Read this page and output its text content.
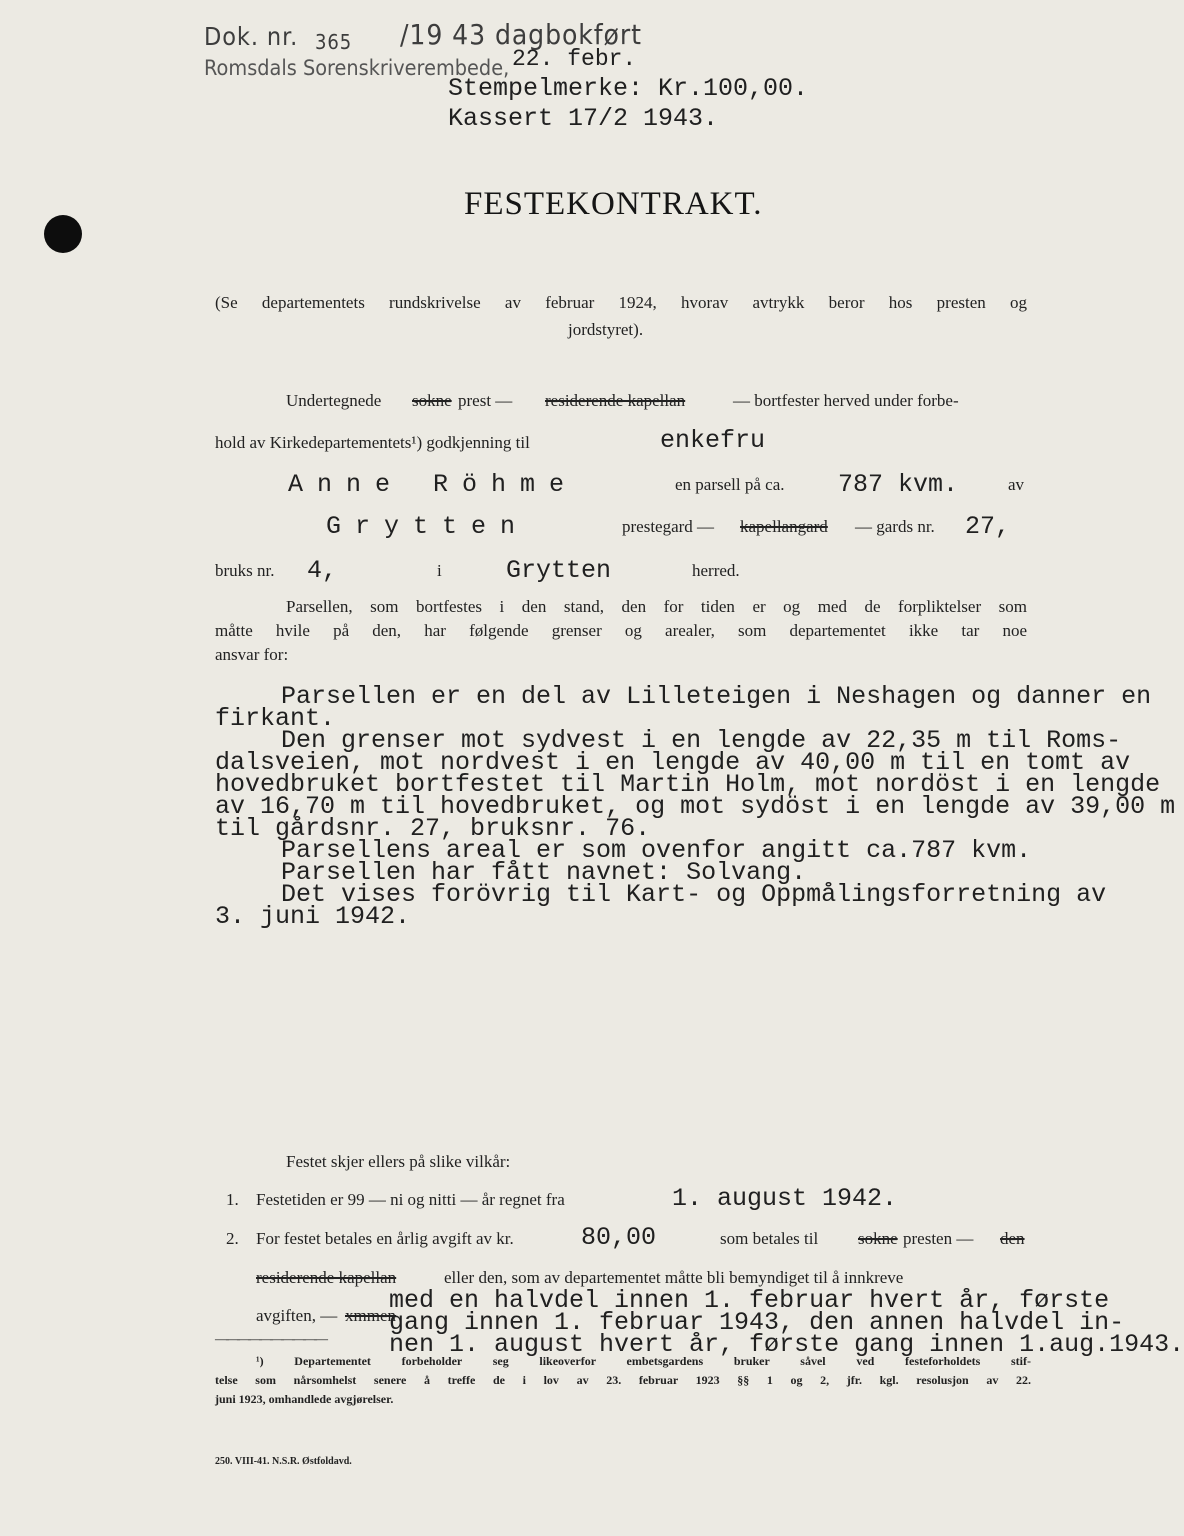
Dok. nr. 365 /19 43 dagbokført
Romsdals Sorenskriverembede, 22. febr.
Stempelmerke: Kr.100,00.
Kassert 17/2 1943.
FESTEKONTRAKT.
(Se departementets rundskrivelse av februar 1924, hvorav avtrykk beror hos presten og
jordstyret).
Undertegnede sokne prest — residerende kapellan	— bortfester herved under forbe-
hold av Kirkedepartementets¹) godkjenning til	enkefru
Anne Röhme	en parsell på ca. 787 kvm.	av
Grytten	prestegard — kapellangard — gards nr. 27,
bruks nr. 4,	i	Grytten	herred.
Parsellen, som bortfestes i den stand, den for tiden er og med de forpliktelser som
måtte hvile på den, har følgende grenser og arealer, som departementet ikke tar noe
ansvar for:
Parsellen er en del av Lilleteigen i Neshagen og danner en
firkant.
Den grenser mot sydvest i en lengde av 22,35 m til Roms-
dalsveien, mot nordvest i en lengde av 40,00 m til en tomt av
hovedbruket bortfestet til Martin Holm, mot nordöst i en lengde
av 16,70 m til hovedbruket, og mot sydöst i en lengde av 39,00 m
til gårdsnr. 27, bruksnr. 76.
Parsellens areal er som ovenfor angitt ca.787 kvm.
Parsellen har fått navnet: Solvang.
Det vises forövrig til Kart- og Oppmålingsforretning av
3. juni 1942.
Festet skjer ellers på slike vilkår:
1. Festetiden er 99 — ni og nitti — år regnet fra	1. august 1942.
2. For festet betales en årlig avgift av kr.	80,00	som betales til sokne presten — den
residerende kapellan	eller den, som av departementet måtte bli bemyndiget til å innkreve
med en halvdel innen 1. februar hvert år, første
avgiften, — xmmen
gang innen 1. februar 1943, den annen halvdel in-
——————————	nen 1. august hvert år, første gang innen 1.aug.1943.
¹) Departementet forbeholder seg likeoverfor embetsgardens bruker såvel ved festeforholdets stif-
telse som nårsomhelst senere å treffe de i lov av 23. februar 1923 §§ 1 og 2, jfr. kgl. resolusjon av 22.
juni 1923, omhandlede avgjørelser.
250. VIII-41. N.S.R. Østfoldavd.
